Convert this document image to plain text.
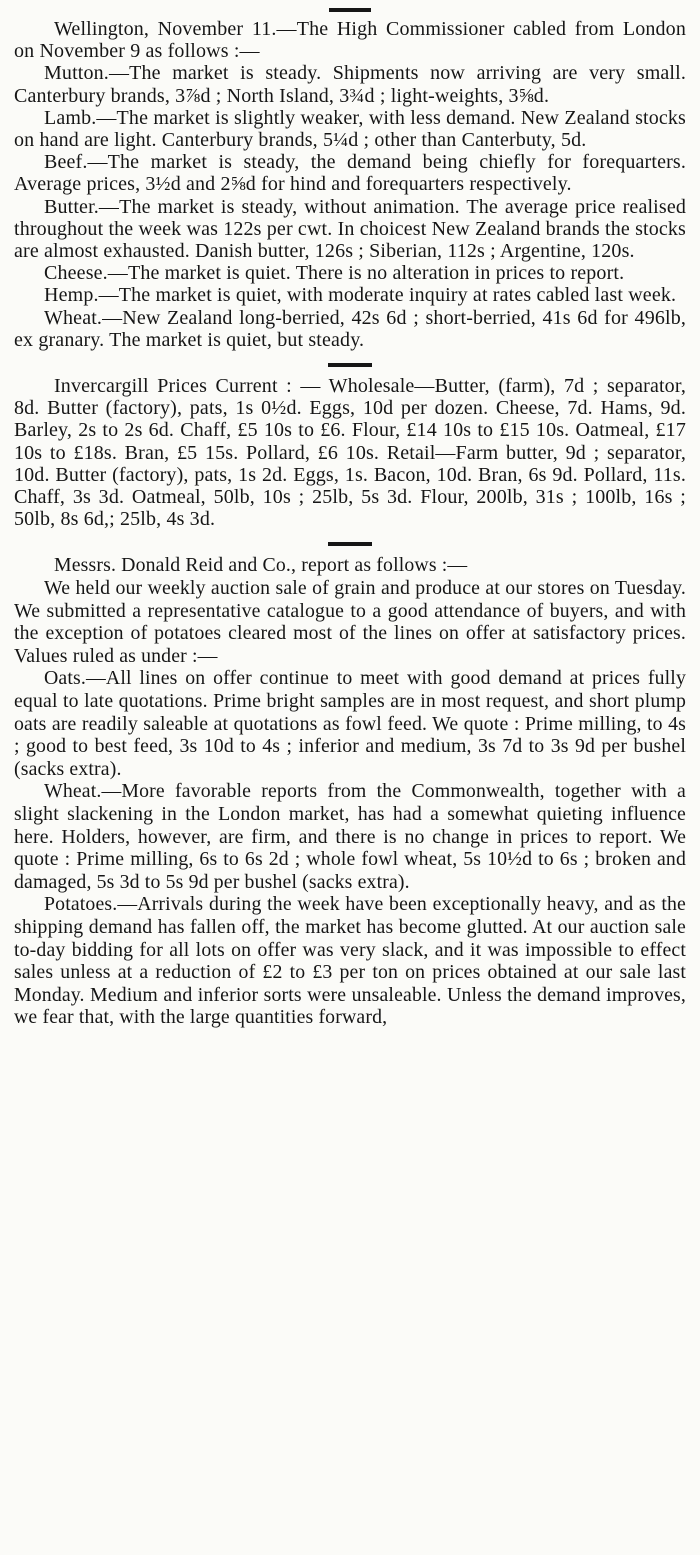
Wellington, November 11.—The High Commissioner cabled from London on November 9 as follows :—

Mutton.—The market is steady. Shipments now arriving are very small. Canterbury brands, 3⅞d ; North Island, 3¾d ; light-weights, 3⅝d.

Lamb.—The market is slightly weaker, with less demand. New Zealand stocks on hand are light. Canterbury brands, 5¼d ; other than Canterbuty, 5d.

Beef.—The market is steady, the demand being chiefly for forequarters. Average prices, 3½d and 2⅝d for hind and forequarters respectively.

Butter.—The market is steady, without animation. The average price realised throughout the week was 122s per cwt. In choicest New Zealand brands the stocks are almost exhausted. Danish butter, 126s ; Siberian, 112s ; Argentine, 120s.

Cheese.—The market is quiet. There is no alteration in prices to report.

Hemp.—The market is quiet, with moderate inquiry at rates cabled last week.

Wheat.—New Zealand long-berried, 42s 6d ; short-berried, 41s 6d for 496lb, ex granary. The market is quiet, but steady.

Invercargill Prices Current : — Wholesale—Butter, (farm), 7d ; separator, 8d. Butter (factory), pats, 1s 0½d. Eggs, 10d per dozen. Cheese, 7d. Hams, 9d. Barley, 2s to 2s 6d. Chaff, £5 10s to £6. Flour, £14 10s to £15 10s. Oatmeal, £17 10s to £18s. Bran, £5 15s. Pollard, £6 10s. Retail—Farm butter, 9d ; separator, 10d. Butter (factory), pats, 1s 2d. Eggs, 1s. Bacon, 10d. Bran, 6s 9d. Pollard, 11s. Chaff, 3s 3d. Oatmeal, 50lb, 10s ; 25lb, 5s 3d. Flour, 200lb, 31s ; 100lb, 16s ; 50lb, 8s 6d,; 25lb, 4s 3d.

Messrs. Donald Reid and Co., report as follows :—

We held our weekly auction sale of grain and produce at our stores on Tuesday. We submitted a representative catalogue to a good attendance of buyers, and with the exception of potatoes cleared most of the lines on offer at satisfactory prices. Values ruled as under :—

Oats.—All lines on offer continue to meet with good demand at prices fully equal to late quotations. Prime bright samples are in most request, and short plump oats are readily saleable at quotations as fowl feed. We quote : Prime milling, to 4s ; good to best feed, 3s 10d to 4s ; inferior and medium, 3s 7d to 3s 9d per bushel (sacks extra).

Wheat.—More favorable reports from the Commonwealth, together with a slight slackening in the London market, has had a somewhat quieting influence here. Holders, however, are firm, and there is no change in prices to report. We quote : Prime milling, 6s to 6s 2d ; whole fowl wheat, 5s 10½d to 6s ; broken and damaged, 5s 3d to 5s 9d per bushel (sacks extra).

Potatoes.—Arrivals during the week have been exceptionally heavy, and as the shipping demand has fallen off, the market has become glutted. At our auction sale to-day bidding for all lots on offer was very slack, and it was impossible to effect sales unless at a reduction of £2 to £3 per ton on prices obtained at our sale last Monday. Medium and inferior sorts were unsaleable. Unless the demand improves, we fear that, with the large quantities forward,
